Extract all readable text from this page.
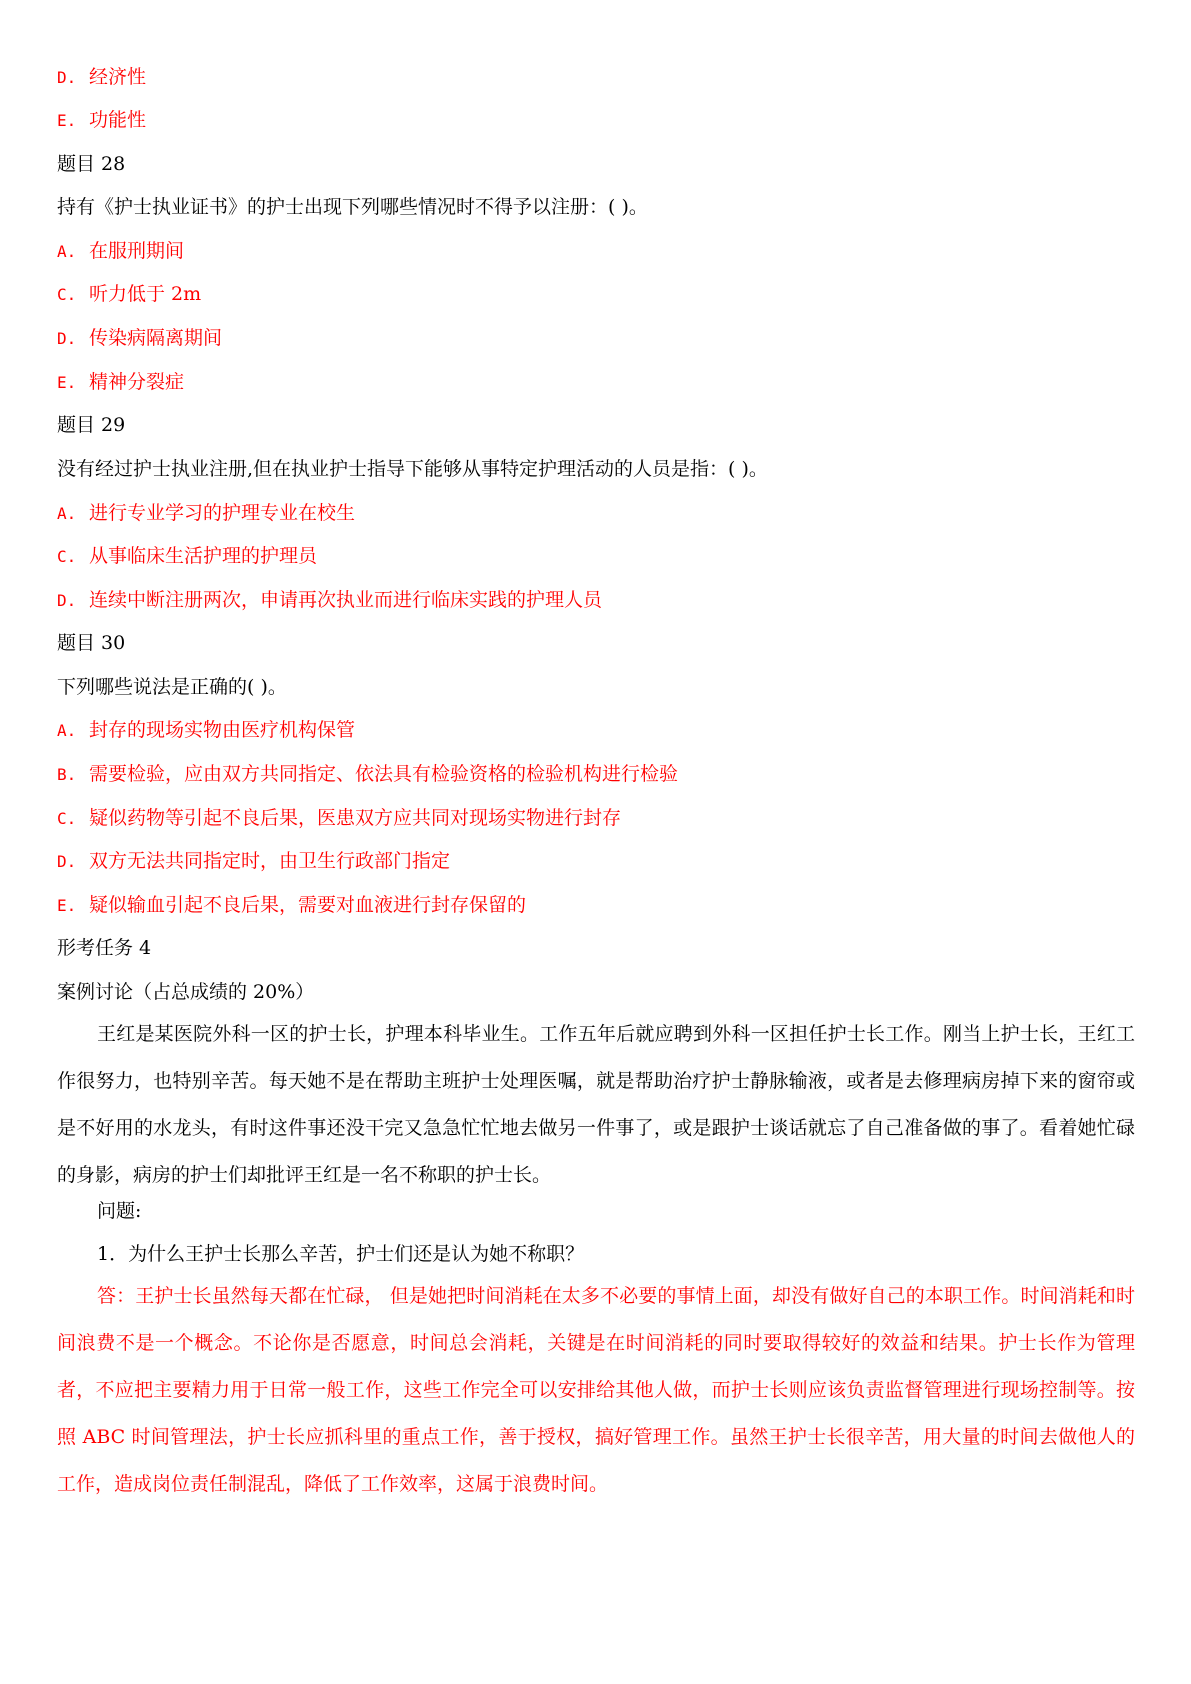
D. 经济性
E. 功能性
题目 28
持有《护士执业证书》的护士出现下列哪些情况时不得予以注册：( )。
A. 在服刑期间
C. 听力低于 2m
D. 传染病隔离期间
E. 精神分裂症
题目 29
没有经过护士执业注册,但在执业护士指导下能够从事特定护理活动的人员是指：( )。
A. 进行专业学习的护理专业在校生
C. 从事临床生活护理的护理员
D. 连续中断注册两次，申请再次执业而进行临床实践的护理人员
题目 30
下列哪些说法是正确的( )。
A. 封存的现场实物由医疗机构保管
B. 需要检验，应由双方共同指定、依法具有检验资格的检验机构进行检验
C. 疑似药物等引起不良后果，医患双方应共同对现场实物进行封存
D. 双方无法共同指定时，由卫生行政部门指定
E. 疑似输血引起不良后果，需要对血液进行封存保留的
形考任务 4
案例讨论（占总成绩的 20%）
王红是某医院外科一区的护士长，护理本科毕业生。工作五年后就应聘到外科一区担任护士长工作。刚当上护士长，王红工作很努力，也特别辛苦。每天她不是在帮助主班护士处理医嘱，就是帮助治疗护士静脉输液，或者是去修理病房掉下来的窗帘或是不好用的水龙头，有时这件事还没干完又急急忙忙地去做另一件事了，或是跟护士谈话就忘了自己准备做的事了。看着她忙碌的身影，病房的护士们却批评王红是一名不称职的护士长。
问题:
1．为什么王护士长那么辛苦，护士们还是认为她不称职？
答：王护士长虽然每天都在忙碌， 但是她把时间消耗在太多不必要的事情上面，却没有做好自己的本职工作。时间消耗和时间浪费不是一个概念。不论你是否愿意，时间总会消耗，关键是在时间消耗的同时要取得较好的效益和结果。护士长作为管理者，不应把主要精力用于日常一般工作，这些工作完全可以安排给其他人做，而护士长则应该负责监督管理进行现场控制等。按照 ABC 时间管理法，护士长应抓科里的重点工作，善于授权，搞好管理工作。虽然王护士长很辛苦，用大量的时间去做他人的工作，造成岗位责任制混乱，降低了工作效率，这属于浪费时间。
